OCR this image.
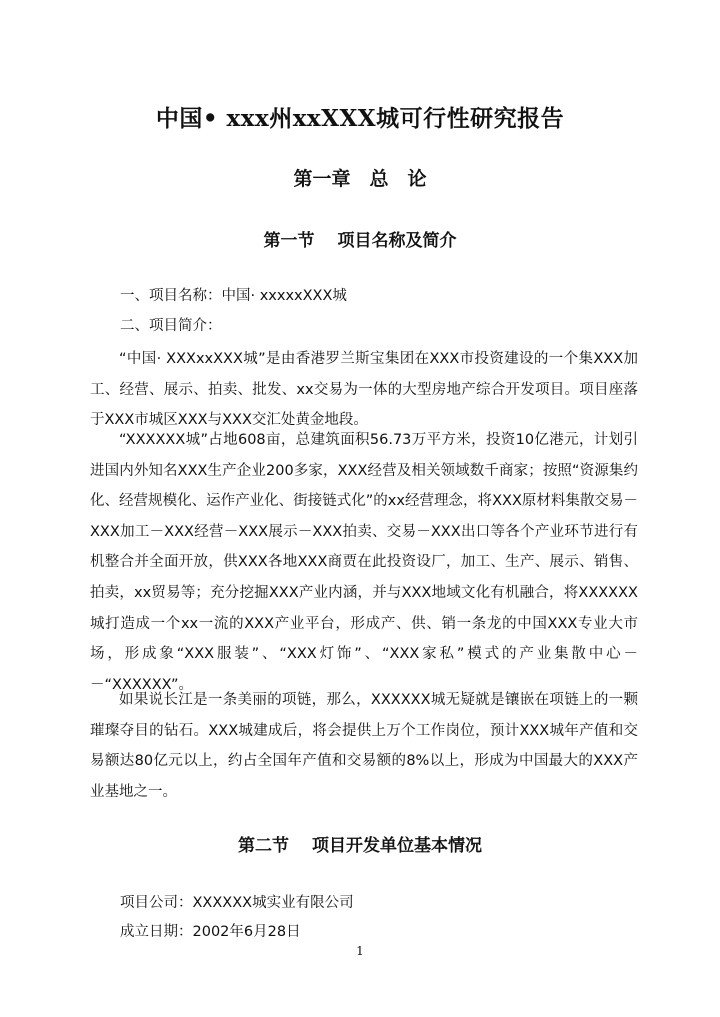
中国• xxx州xxXXX城可行性研究报告
第一章　总　论
第一节　 项目名称及简介
一、项目名称：中国· xxxxxXXX城
二、项目简介：
“中国· XXXxxXXX城”是由香港罗兰斯宝集团在XXX市投资建设的一个集XXX加工、经营、展示、拍卖、批发、xx交易为一体的大型房地产综合开发项目。项目座落于XXX市城区XXX与XXX交汇处黄金地段。
“XXXXXX城”占地608亩，总建筑面积56.73万平方米，投资10亿港元，计划引进国内外知名XXX生产企业200多家，XXX经营及相关领域数千商家；按照“资源集约化、经营规模化、运作产业化、街接链式化”的xx经营理念，将XXX原材料集散交易－XXX加工－XXX经营－XXX展示－XXX拍卖、交易－XXX出口等各个产业环节进行有机整合并全面开放，供XXX各地XXX商贾在此投资设厂，加工、生产、展示、销售、拍卖，xx贸易等；充分挖掘XXX产业内涵，并与XXX地域文化有机融合，将XXXXXX城打造成一个xx一流的XXX产业平台，形成产、供、销一条龙的中国XXX专业大市场，形成象“XXX服装”、“XXX灯饰”、“XXX家私”模式的产业集散中心－－“XXXXXX”。
如果说长江是一条美丽的项链，那么，XXXXXX城无疑就是镶嵌在项链上的一颗璀璨夺目的钻石。XXX城建成后，将会提供上万个工作岗位，预计XXX城年产值和交易额达80亿元以上，约占全国年产值和交易额的8%以上，形成为中国最大的XXX产业基地之一。
第二节　 项目开发单位基本情况
项目公司：XXXXXX城实业有限公司
成立日期：2002年6月28日
1
